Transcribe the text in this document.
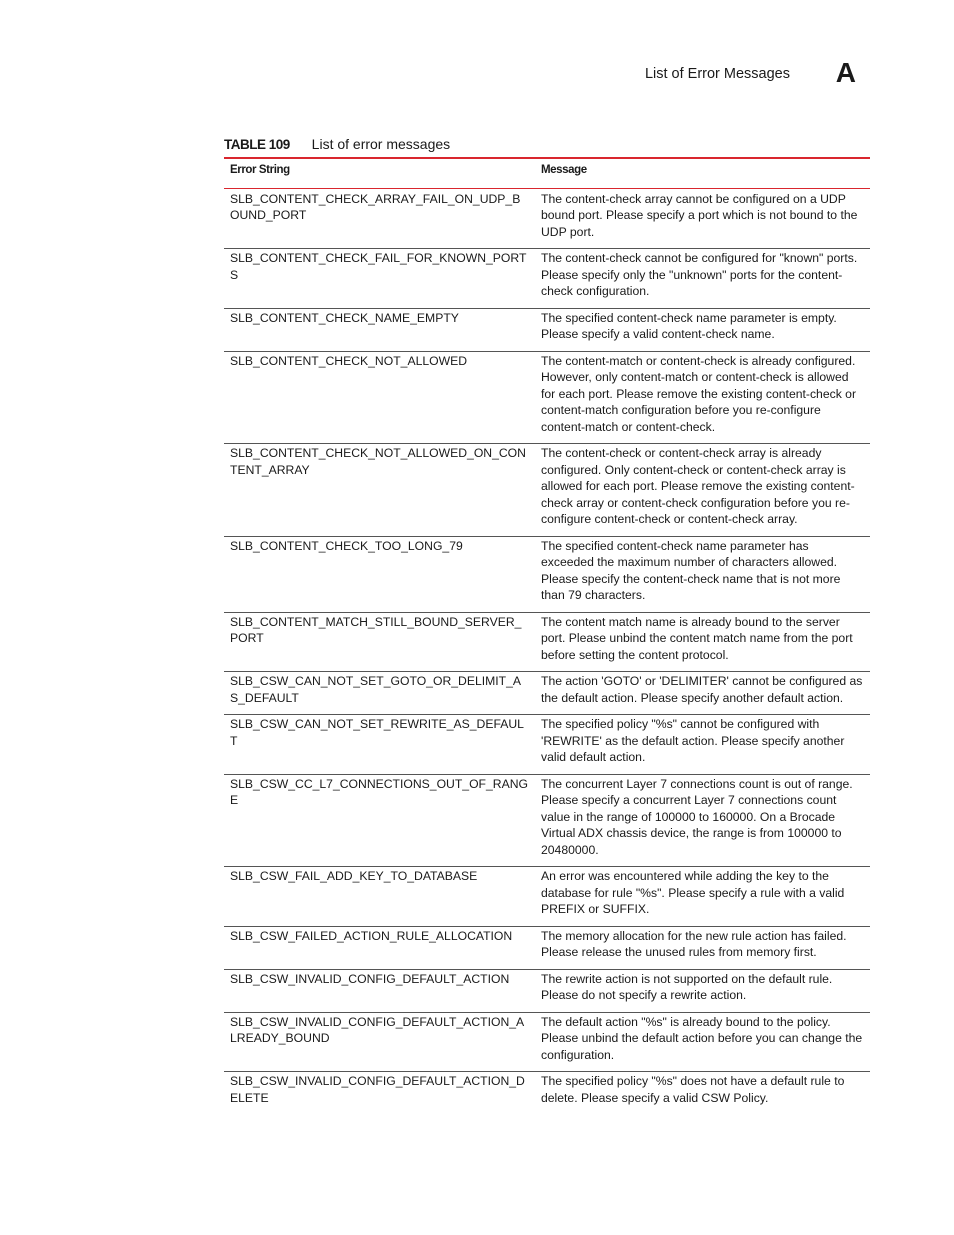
List of Error Messages A
TABLE 109 List of error messages
Error String	Message
SLB_CONTENT_CHECK_ARRAY_FAIL_ON_UDP_BOUND_PORT	The content-check array cannot be configured on a UDP bound port. Please specify a port which is not bound to the UDP port.
SLB_CONTENT_CHECK_FAIL_FOR_KNOWN_PORTS	The content-check cannot be configured for "known" ports. Please specify only the "unknown" ports for the content-check configuration.
SLB_CONTENT_CHECK_NAME_EMPTY	The specified content-check name parameter is empty. Please specify a valid content-check name.
SLB_CONTENT_CHECK_NOT_ALLOWED	The content-match or content-check is already configured. However, only content-match or content-check is allowed for each port. Please remove the existing content-check or content-match configuration before you re-configure content-match or content-check.
SLB_CONTENT_CHECK_NOT_ALLOWED_ON_CONTENT_ARRAY	The content-check or content-check array is already configured. Only content-check or content-check array is allowed for each port. Please remove the existing content-check array or content-check configuration before you re-configure content-check or content-check array.
SLB_CONTENT_CHECK_TOO_LONG_79	The specified content-check name parameter has exceeded the maximum number of characters allowed. Please specify the content-check name that is not more than 79 characters.
SLB_CONTENT_MATCH_STILL_BOUND_SERVER_PORT	The content match name is already bound to the server port. Please unbind the content match name from the port before setting the content protocol.
SLB_CSW_CAN_NOT_SET_GOTO_OR_DELIMIT_AS_DEFAULT	The action 'GOTO' or 'DELIMITER' cannot be configured as the default action. Please specify another default action.
SLB_CSW_CAN_NOT_SET_REWRITE_AS_DEFAULT	The specified policy "%s" cannot be configured with 'REWRITE' as the default action. Please specify another valid default action.
SLB_CSW_CC_L7_CONNECTIONS_OUT_OF_RANGE	The concurrent Layer 7 connections count is out of range. Please specify a concurrent Layer 7 connections count value in the range of 100000 to 160000. On a Brocade Virtual ADX chassis device, the range is from 100000 to 20480000.
SLB_CSW_FAIL_ADD_KEY_TO_DATABASE	An error was encountered while adding the key to the database for rule "%s". Please specify a rule with a valid PREFIX or SUFFIX.
SLB_CSW_FAILED_ACTION_RULE_ALLOCATION	The memory allocation for the new rule action has failed. Please release the unused rules from memory first.
SLB_CSW_INVALID_CONFIG_DEFAULT_ACTION	The rewrite action is not supported on the default rule. Please do not specify a rewrite action.
SLB_CSW_INVALID_CONFIG_DEFAULT_ACTION_ALREADY_BOUND	The default action "%s" is already bound to the policy. Please unbind the default action before you can change the configuration.
SLB_CSW_INVALID_CONFIG_DEFAULT_ACTION_DELETE	The specified policy "%s" does not have a default rule to delete. Please specify a valid CSW Policy.
